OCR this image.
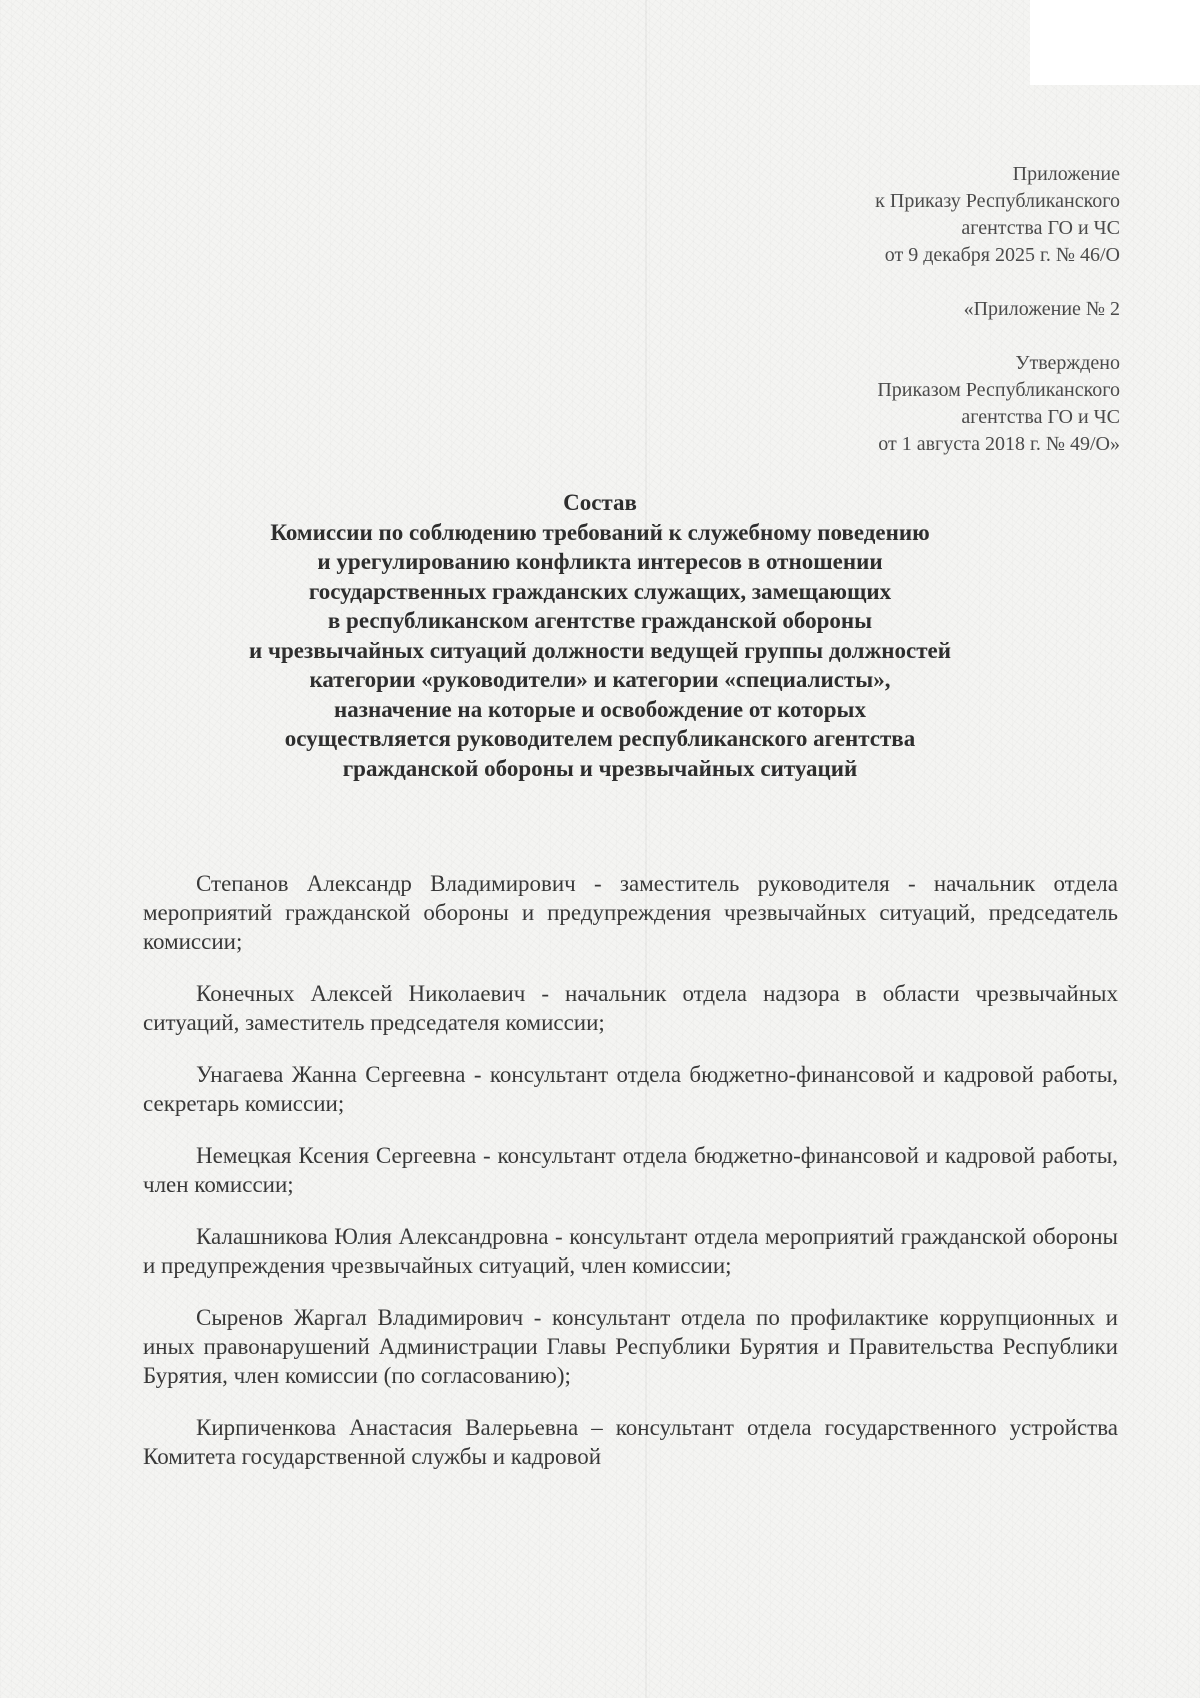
Приложение
к Приказу Республиканского
агентства ГО и ЧС
от 9 декабря 2025 г. № 46/О
«Приложение № 2
Утверждено
Приказом Республиканского
агентства ГО и ЧС
от 1 августа 2018 г. № 49/О»
Состав
Комиссии по соблюдению требований к служебному поведению
и урегулированию конфликта интересов в отношении
государственных гражданских служащих, замещающих
в республиканском агентстве гражданской обороны
и чрезвычайных ситуаций должности ведущей группы должностей
категории «руководители» и категории «специалисты»,
назначение на которые и освобождение от которых
осуществляется руководителем республиканского агентства
гражданской обороны и чрезвычайных ситуаций

Степанов Александр Владимирович - заместитель руководителя - начальник отдела мероприятий гражданской обороны и предупреждения чрезвычайных ситуаций, председатель комиссии;

Конечных Алексей Николаевич - начальник отдела надзора в области чрезвычайных ситуаций, заместитель председателя комиссии;

Унагаева Жанна Сергеевна - консультант отдела бюджетно-финансовой и кадровой работы, секретарь комиссии;

Немецкая Ксения Сергеевна - консультант отдела бюджетно-финансовой и кадровой работы, член комиссии;

Калашникова Юлия Александровна - консультант отдела мероприятий гражданской обороны и предупреждения чрезвычайных ситуаций, член комиссии;

Сыренов Жаргал Владимирович - консультант отдела по профилактике коррупционных и иных правонарушений Администрации Главы Республики Бурятия и Правительства Республики Бурятия, член комиссии (по согласованию);

Кирпиченкова Анастасия Валерьевна – консультант отдела государственного устройства Комитета государственной службы и кадровой
